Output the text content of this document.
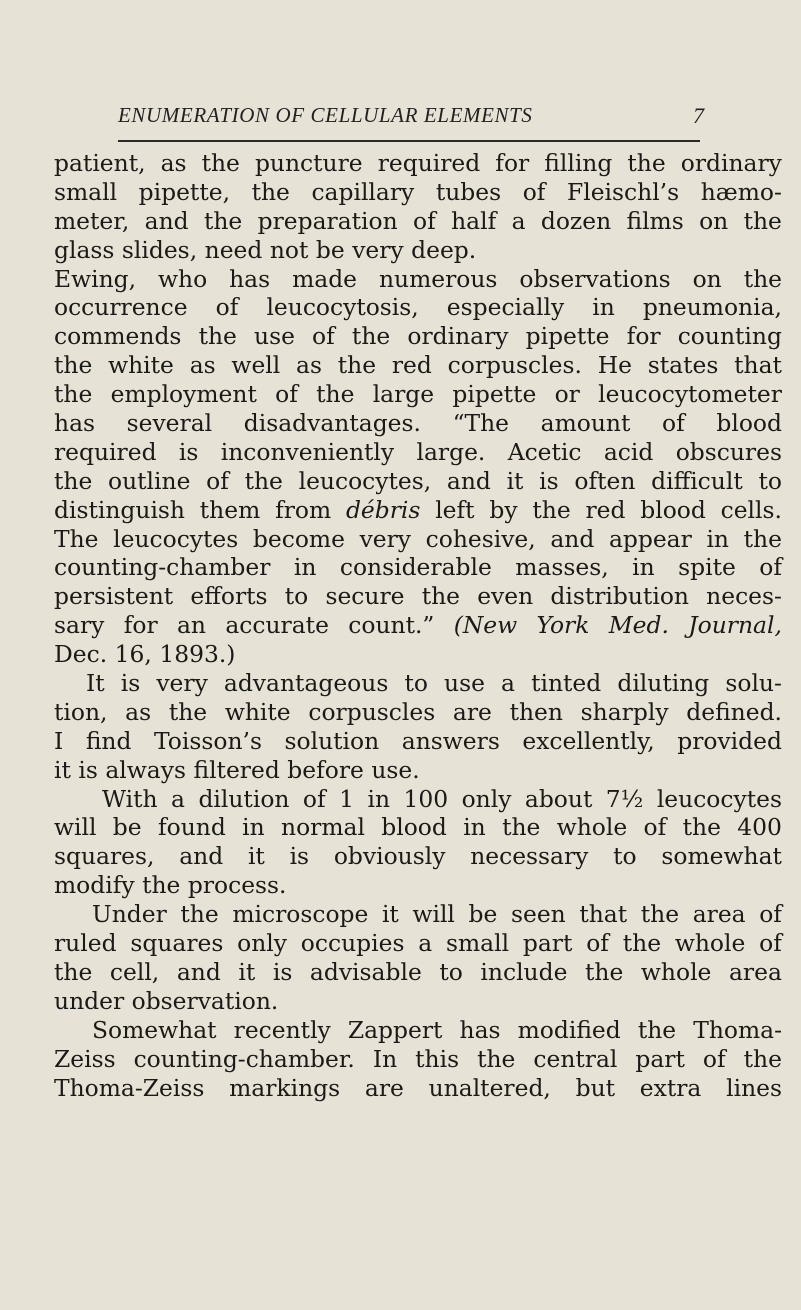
ENUMERATION OF CELLULAR ELEMENTS	7
patient, as the puncture required for filling the ordinary
small pipette, the capillary tubes of Fleischl’s hæmo-
meter, and the preparation of half a dozen films on the
glass slides, need not be very deep.
Ewing, who has made numerous observations on the
occurrence of leucocytosis, especially in pneumonia,
commends the use of the ordinary pipette for counting
the white as well as the red corpuscles. He states that
the employment of the large pipette or leucocytometer
has several disadvantages. “The amount of blood
required is inconveniently large. Acetic acid obscures
the outline of the leucocytes, and it is often difficult to
distinguish them from débris left by the red blood cells.
The leucocytes become very cohesive, and appear in the
counting-chamber in considerable masses, in spite of
persistent efforts to secure the even distribution neces-
sary for an accurate count.” (New York Med. Journal,
Dec. 16, 1893.)
It is very advantageous to use a tinted diluting solu-
tion, as the white corpuscles are then sharply defined.
I find Toisson’s solution answers excellently, provided
it is always filtered before use.
With a dilution of 1 in 100 only about 7½ leucocytes
will be found in normal blood in the whole of the 400
squares, and it is obviously necessary to somewhat
modify the process.
Under the microscope it will be seen that the area of
ruled squares only occupies a small part of the whole of
the cell, and it is advisable to include the whole area
under observation.
Somewhat recently Zappert has modified the Thoma-
Zeiss counting-chamber. In this the central part of the
Thoma-Zeiss markings are unaltered, but extra lines
